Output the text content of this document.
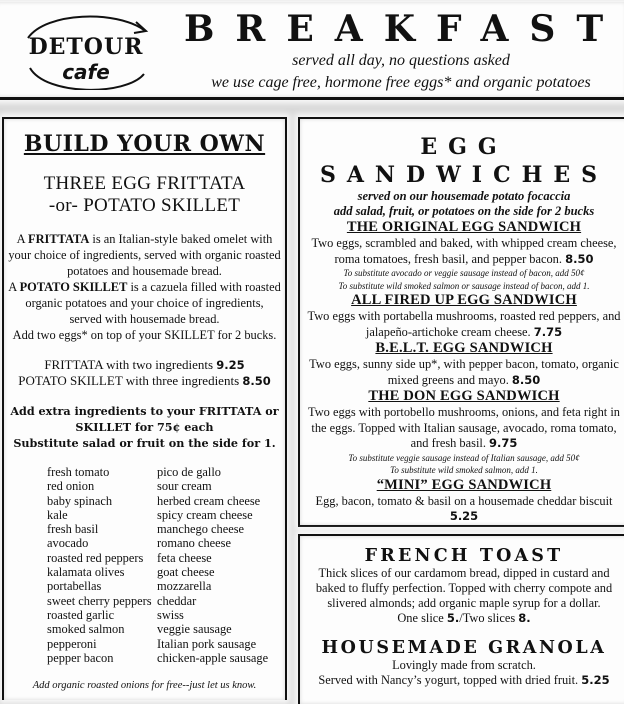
DETOUR
cafe
BREAKFAST
served all day, no questions asked
we use cage free, hormone free eggs* and organic potatoes
BUILD YOUR OWN
THREE EGG FRITTATA
-or- POTATO SKILLET
A FRITTATA is an Italian-style baked omelet with your choice of ingredients, served with organic roasted potatoes and housemade bread.
A POTATO SKILLET is a cazuela filled with roasted organic potatoes and your choice of ingredients, served with housemade bread.
Add two eggs* on top of your SKILLET for 2 bucks.
FRITTATA with two ingredients 9.25
POTATO SKILLET with three ingredients 8.50
Add extra ingredients to your FRITTATA or
SKILLET for 75¢ each
Substitute salad or fruit on the side for 1.
fresh tomato
red onion
baby spinach
kale
fresh basil
avocado
roasted red peppers
kalamata olives
portabellas
sweet cherry peppers
roasted garlic
smoked salmon
pepperoni
pepper bacon
pico de gallo
sour cream
herbed cream cheese
spicy cream cheese
manchego cheese
romano cheese
feta cheese
goat cheese
mozzarella
cheddar
swiss
veggie sausage
Italian pork sausage
chicken-apple sausage
Add organic roasted onions for free--just let us know.
EGG
SANDWICHES
served on our housemade potato focaccia
add salad, fruit, or potatoes on the side for 2 bucks
THE ORIGINAL EGG SANDWICH
Two eggs, scrambled and baked, with whipped cream cheese, roma tomatoes, fresh basil, and pepper bacon. 8.50
To substitute avocado or veggie sausage instead of bacon, add 50¢
To substitute wild smoked salmon or sausage instead of bacon, add 1.
ALL FIRED UP EGG SANDWICH
Two eggs with portabella mushrooms, roasted red peppers, and jalapeño-artichoke cream cheese. 7.75
B.E.L.T. EGG SANDWICH
Two eggs, sunny side up*, with pepper bacon, tomato, organic mixed greens and mayo. 8.50
THE DON EGG SANDWICH
Two eggs with portobello mushrooms, onions, and feta right in the eggs. Topped with Italian sausage, avocado, roma tomato, and fresh basil. 9.75
To substitute veggie sausage instead of Italian sausage, add 50¢
To substitute wild smoked salmon, add 1.
“MINI” EGG SANDWICH
Egg, bacon, tomato & basil on a housemade cheddar biscuit
5.25
FRENCH TOAST
Thick slices of our cardamom bread, dipped in custard and baked to fluffy perfection. Topped with cherry compote and slivered almonds; add organic maple syrup for a dollar.
One slice 5./Two slices 8.
HOUSEMADE GRANOLA
Lovingly made from scratch.
Served with Nancy’s yogurt, topped with dried fruit. 5.25
